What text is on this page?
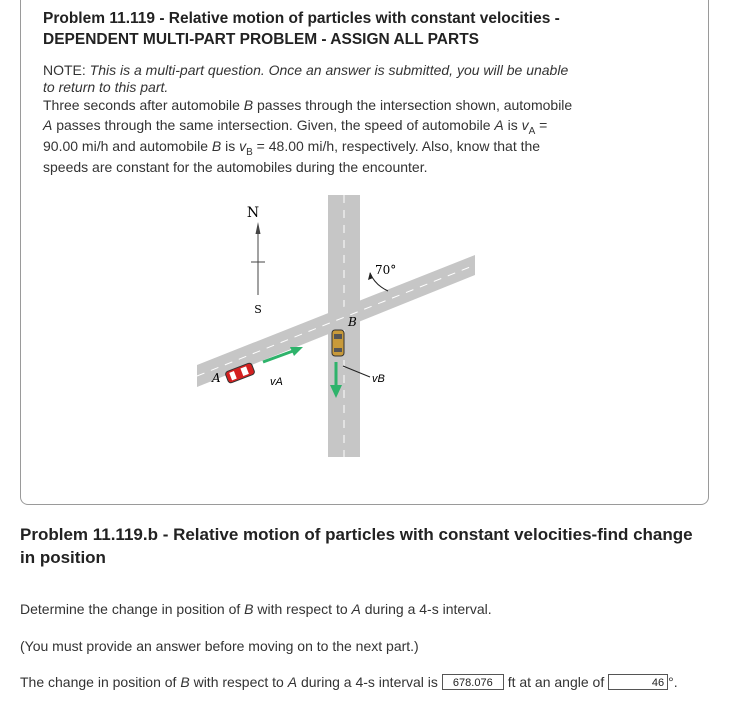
Problem 11.119 - Relative motion of particles with constant velocities -
DEPENDENT MULTI-PART PROBLEM - ASSIGN ALL PARTS
NOTE: This is a multi-part question. Once an answer is submitted, you will be unable
to return to this part.
Three seconds after automobile B passes through the intersection shown, automobile
A passes through the same intersection. Given, the speed of automobile A is $v_A$ =
90.00 mi/h and automobile B is $v_B = 48.00$ mi/h, respectively. Also, know that the
speeds are constant for the automobiles during the encounter.
N
S
70°
B
A	vA	vB
Problem 11.119.b - Relative motion of particles with constant velocities-find change in position
Determine the change in position of B with respect to A during a 4-s interval.
(You must provide an answer before moving on to the next part.)
The change in position of B with respect to A during a 4-s interval is 678.076 ft at an angle of	46 °.
